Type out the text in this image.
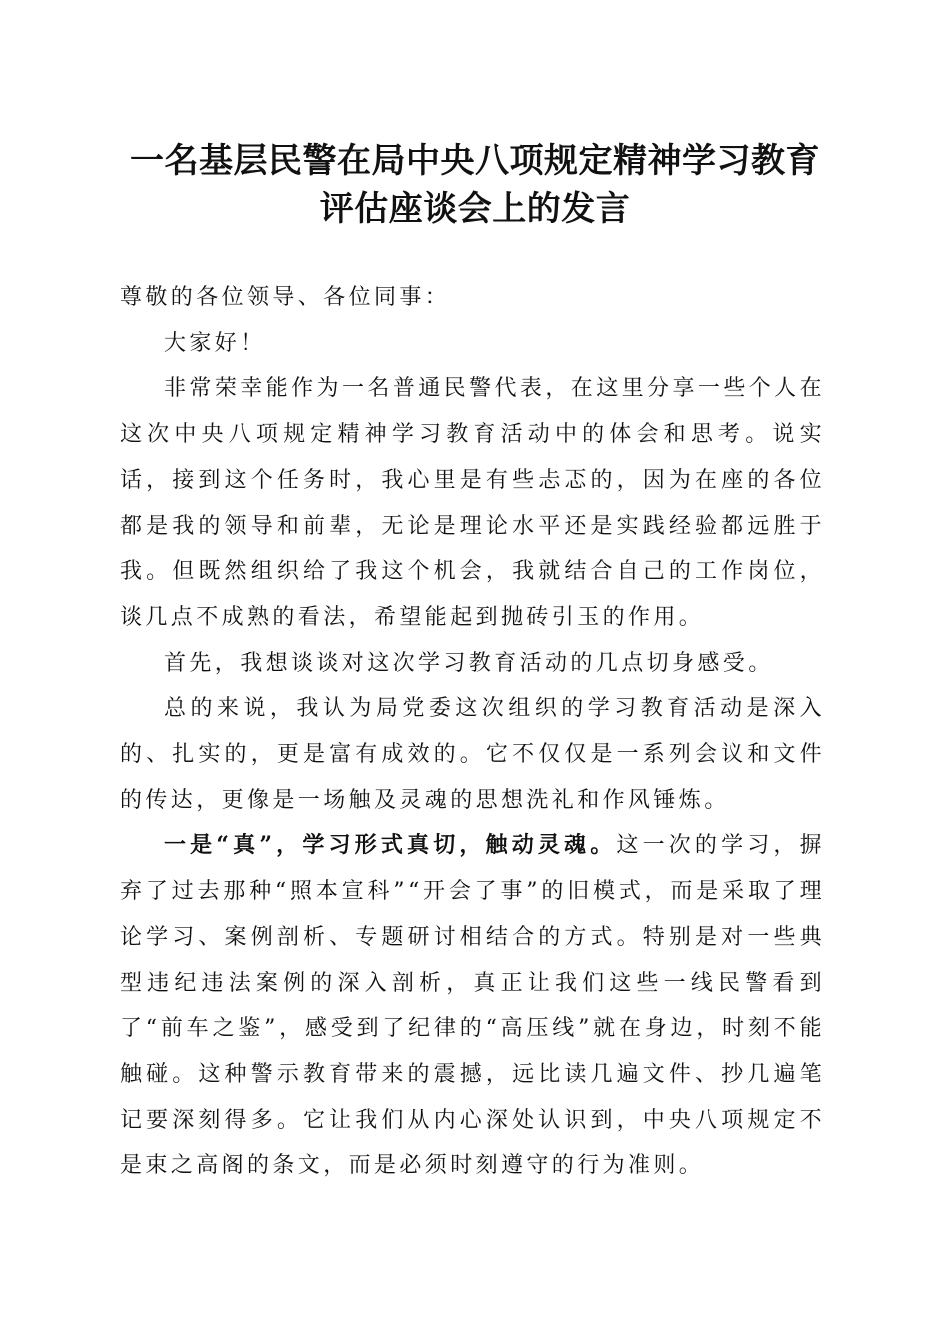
一名基层民警在局中央八项规定精神学习教育
评估座谈会上的发言

尊敬的各位领导、各位同事：

大家好！

非常荣幸能作为一名普通民警代表，在这里分享一些个人在这次中央八项规定精神学习教育活动中的体会和思考。说实话，接到这个任务时，我心里是有些忐忑的，因为在座的各位都是我的领导和前辈，无论是理论水平还是实践经验都远胜于我。但既然组织给了我这个机会，我就结合自己的工作岗位，谈几点不成熟的看法，希望能起到抛砖引玉的作用。

首先，我想谈谈对这次学习教育活动的几点切身感受。

总的来说，我认为局党委这次组织的学习教育活动是深入的、扎实的，更是富有成效的。它不仅仅是一系列会议和文件的传达，更像是一场触及灵魂的思想洗礼和作风锤炼。

一是“真”，学习形式真切，触动灵魂。这一次的学习，摒弃了过去那种“照本宣科”“开会了事”的旧模式，而是采取了理论学习、案例剖析、专题研讨相结合的方式。特别是对一些典型违纪违法案例的深入剖析，真正让我们这些一线民警看到了“前车之鉴”，感受到了纪律的“高压线”就在身边，时刻不能触碰。这种警示教育带来的震撼，远比读几遍文件、抄几遍笔记要深刻得多。它让我们从内心深处认识到，中央八项规定不是束之高阁的条文，而是必须时刻遵守的行为准则。
